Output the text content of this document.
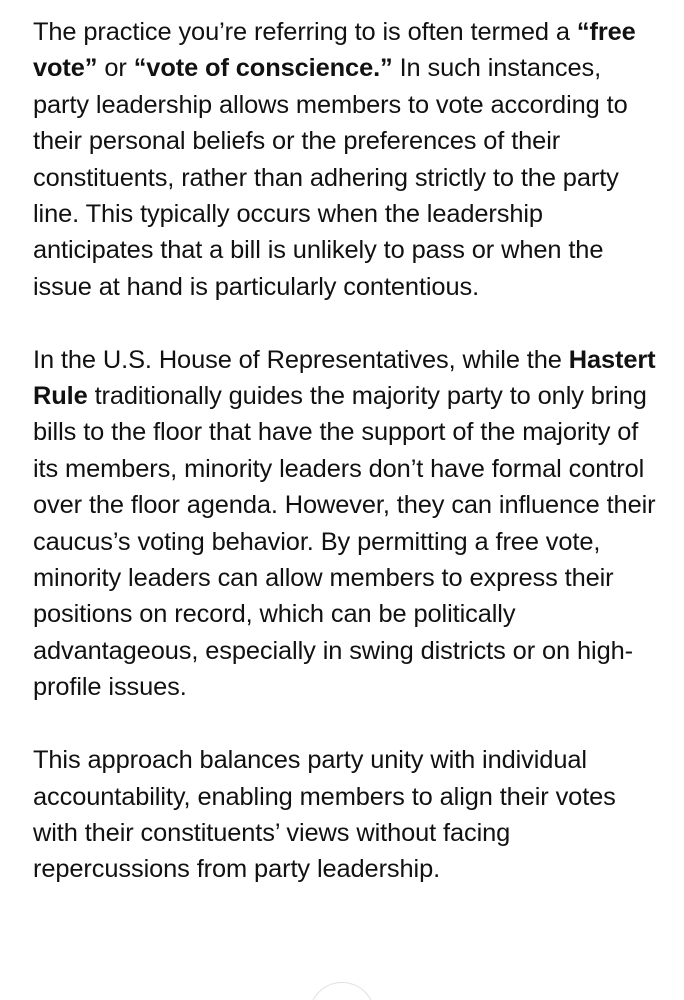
The practice you’re referring to is often termed a “free vote” or “vote of conscience.” In such instances, party leadership allows members to vote according to their personal beliefs or the preferences of their constituents, rather than adhering strictly to the party line. This typically occurs when the leadership anticipates that a bill is unlikely to pass or when the issue at hand is particularly contentious.

In the U.S. House of Representatives, while the Hastert Rule traditionally guides the majority party to only bring bills to the floor that have the support of the majority of its members, minority leaders don’t have formal control over the floor agenda. However, they can influence their caucus’s voting behavior. By permitting a free vote, minority leaders can allow members to express their positions on record, which can be politically advantageous, especially in swing districts or on high-profile issues.

This approach balances party unity with individual accountability, enabling members to align their votes with their constituents’ views without facing repercussions from party leadership.
